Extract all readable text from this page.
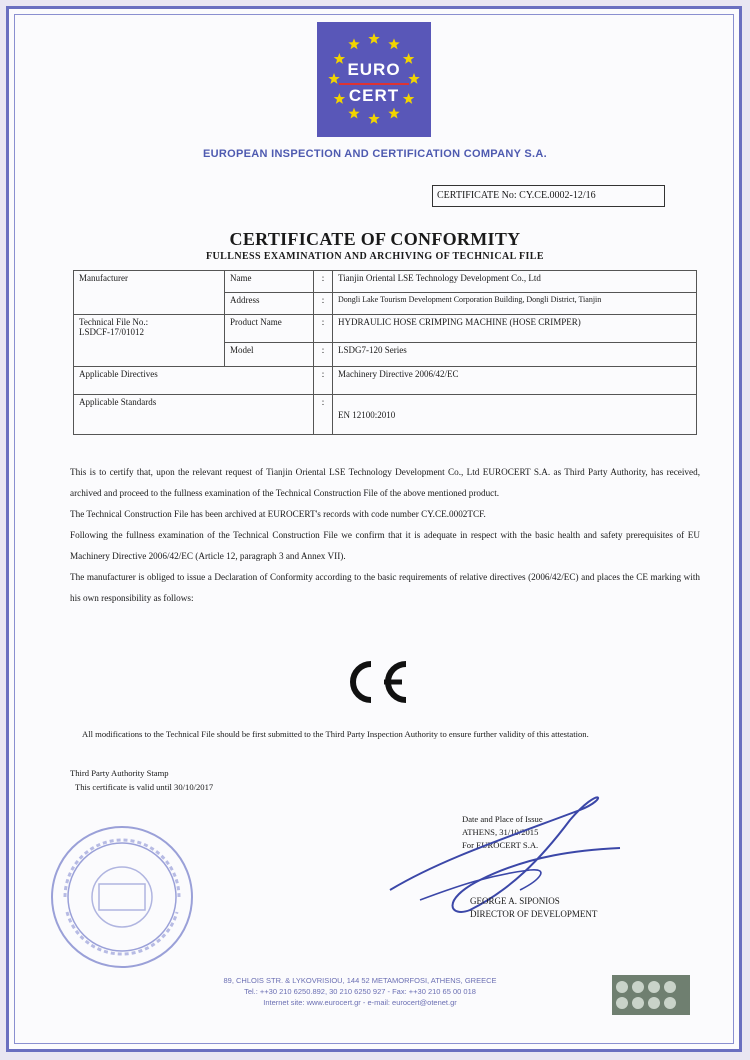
EURO
CERT
EUROPEAN INSPECTION AND CERTIFICATION COMPANY S.A.
CERTIFICATE No: CY.CE.0002-12/16
CERTIFICATE OF CONFORMITY
FULLNESS EXAMINATION AND ARCHIVING OF TECHNICAL FILE
Manufacturer	Name	:	Tianjin Oriental LSE Technology Development Co., Ltd
	Address	:	Dongli Lake Tourism Development Corporation Building, Dongli District, Tianjin

Technical File No.:
LSDCF-17/01012	Product Name	:	HYDRAULIC HOSE CRIMPING MACHINE (HOSE CRIMPER)
	Model	:	LSDG7-120 Series
Applicable Directives		:	Machinery Directive 2006/42/EC
Applicable Standards		:	EN 12100:2010

This is to certify that, upon the relevant request of Tianjin Oriental LSE Technology Development Co., Ltd EUROCERT S.A. as Third Party Authority, has received, archived and proceed to the fullness examination of the Technical Construction File of the above mentioned product.

The Technical Construction File has been archived at EUROCERT's records with code number CY.CE.0002TCF.

Following the fullness examination of the Technical Construction File we confirm that it is adequate in respect with the basic health and safety prerequisites of EU Machinery Directive 2006/42/EC (Article 12, paragraph 3 and Annex VII).

The manufacturer is obliged to issue a Declaration of Conformity according to the basic requirements of relative directives (2006/42/EC) and places the CE marking with his own responsibility as follows:

All modifications to the Technical File should be first submitted to the Third Party Inspection Authority to ensure further validity of this attestation.
Third Party Authority Stamp
This certificate is valid until 30/10/2017
Date and Place of Issue
ATHENS, 31/10/2015
For EUROCERT S.A.
GEORGE A. SIPONIOS
DIRECTOR OF DEVELOPMENT
89, CHLOIS STR. & LYKOVRISIOU, 144 52 METAMORFOSI, ATHENS, GREECE
Tel.: ++30 210 6250.892, 30 210 6250 927 - Fax: ++30 210 65 00 018
Internet site: www.eurocert.gr - e-mail: eurocert@otenet.gr
